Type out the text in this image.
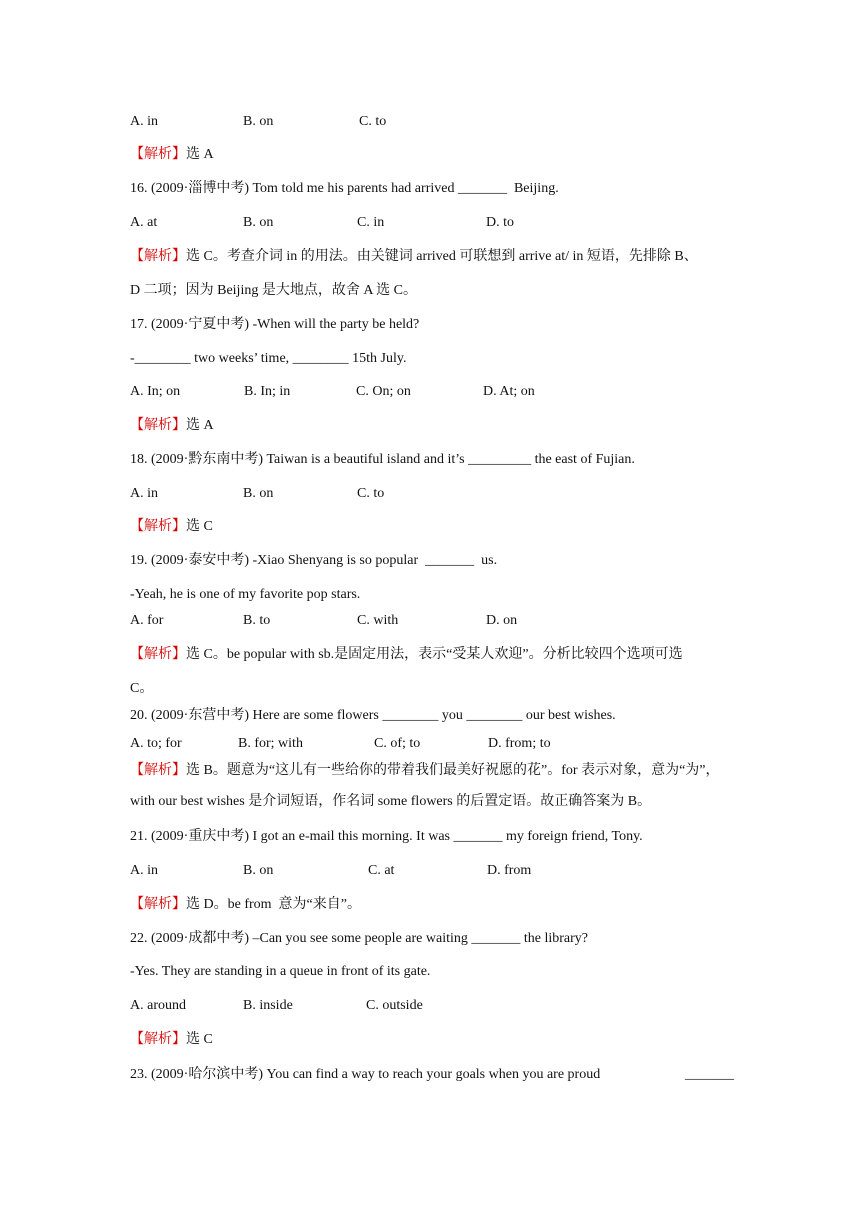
A. in	B. on	C. to
【解析】选 A
16. (2009·淄博中考) Tom told me his parents had arrived _______  Beijing.
A. at	B. on	C. in	D. to
【解析】选 C。考查介词 in 的用法。由关键词 arrived 可联想到 arrive at/ in 短语，先排除 B、
D 二项；因为 Beijing 是大地点，故舍 A 选 C。
17. (2009·宁夏中考) -When will the party be held?
-________ two weeks’ time, ________ 15th July.
A. In; on	B. In; in	C. On; on	D. At; on
【解析】选 A
18. (2009·黔东南中考) Taiwan is a beautiful island and it’s _________ the east of Fujian.
A. in	B. on	C. to
【解析】选 C
19. (2009·泰安中考) -Xiao Shenyang is so popular  _______  us.
-Yeah, he is one of my favorite pop stars.
A. for	B. to	C. with	D. on
【解析】选 C。be popular with sb.是固定用法，表示“受某人欢迎”。分析比较四个选项可选
C。
20. (2009·东营中考) Here are some flowers ________ you ________ our best wishes.
A. to; for	B. for; with	C. of; to	D. from; to
【解析】选 B。题意为“这儿有一些给你的带着我们最美好祝愿的花”。for 表示对象，意为“为”，
with our best wishes 是介词短语，作名词 some flowers 的后置定语。故正确答案为 B。
21. (2009·重庆中考) I got an e-mail this morning. It was _______ my foreign friend, Tony.
A. in	B. on	C. at	D. from
【解析】选 D。be from  意为“来自”。
22. (2009·成都中考) –Can you see some people are waiting _______ the library?
-Yes. They are standing in a queue in front of its gate.
A. around	B. inside	C. outside
【解析】选 C
23. (2009·哈尔滨中考) You can find a way to reach your goals when you are proud	_______
